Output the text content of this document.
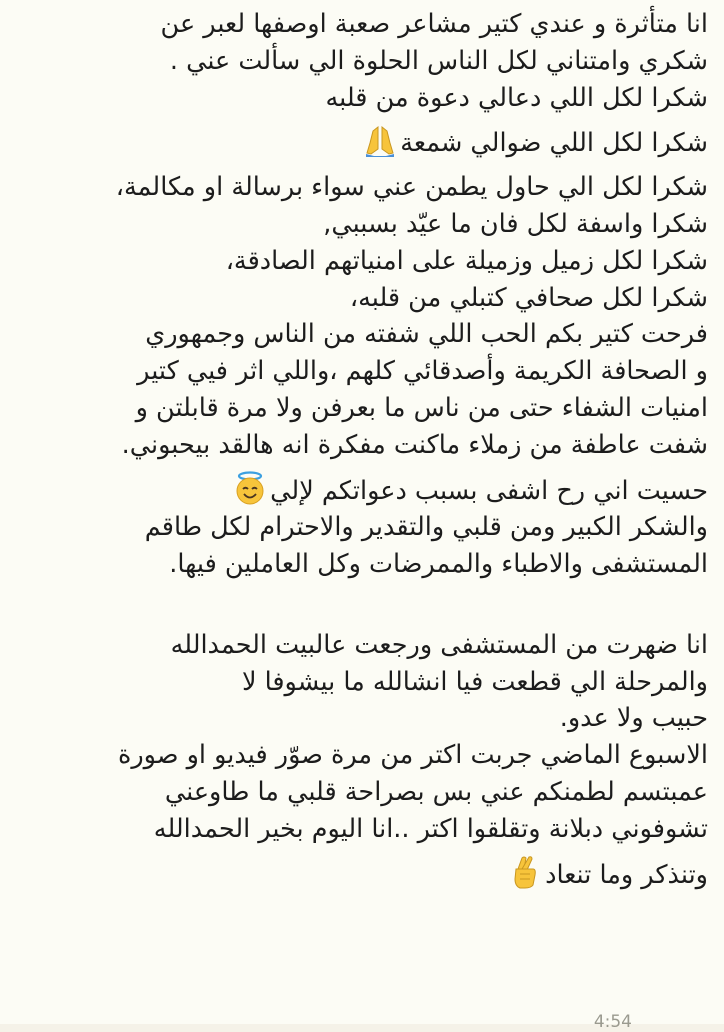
انا متأثرة و عندي كتير مشاعر صعبة اوصفها لعبر عن
شكري وامتناني لكل الناس الحلوة الي سألت عني .
شكرا لكل اللي دعالي دعوة من قلبه
شكرا لكل اللي ضوالي شمعة
شكرا لكل الي حاول يطمن عني سواء برسالة او مكالمة،
شكرا واسفة لكل فان ما عيّد بسببي,
شكرا لكل زميل وزميلة على امنياتهم الصادقة،
شكرا لكل صحافي كتبلي من قلبه،
فرحت كتير بكم الحب اللي شفته من الناس وجمهوري
و الصحافة الكريمة وأصدقائي كلهم ،واللي اثر فيي كتير
امنيات الشفاء حتى من ناس ما بعرفن ولا مرة قابلتن و
شفت عاطفة من زملاء ماكنت مفكرة انه هالقد بيحبوني.
حسيت اني رح اشفى بسبب دعواتكم لإلي
والشكر الكبير ومن قلبي والتقدير والاحترام لكل طاقم
المستشفى والاطباء والممرضات وكل العاملين فيها.
انا ضهرت من المستشفى ورجعت عالبيت الحمدالله
والمرحلة الي قطعت فيا انشالله ما بيشوفا لا
حبيب ولا عدو.
الاسبوع الماضي جربت اكتر من مرة صوّر فيديو او صورة
عمبتسم لطمنكم عني بس بصراحة قلبي ما طاوعني
تشوفوني دبلانة وتقلقوا اكتر ..انا اليوم بخير الحمدالله
وتنذكر وما تنعاد
4:54
